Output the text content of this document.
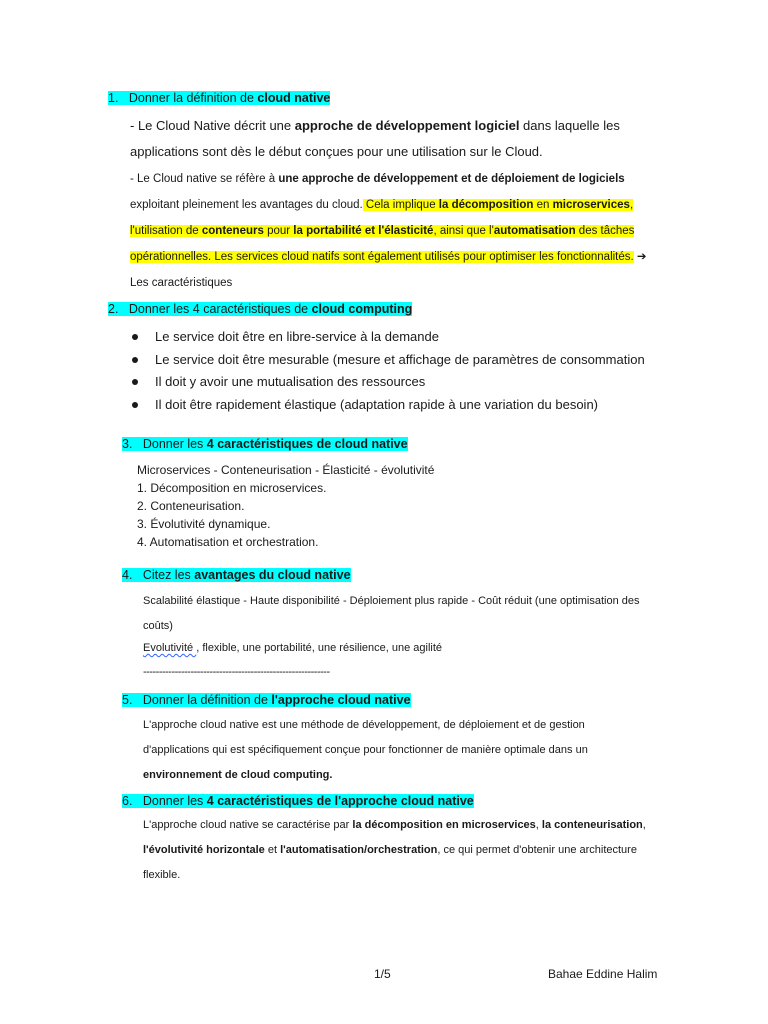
1. Donner la définition de cloud native
- Le Cloud Native décrit une approche de développement logiciel dans laquelle les applications sont dès le début conçues pour une utilisation sur le Cloud.
- Le Cloud native se réfère à une approche de développement et de déploiement de logiciels exploitant pleinement les avantages du cloud. Cela implique la décomposition en microservices, l'utilisation de conteneurs pour la portabilité et l'élasticité, ainsi que l'automatisation des tâches opérationnelles. Les services cloud natifs sont également utilisés pour optimiser les fonctionnalités. ➔ Les caractéristiques
2. Donner les 4 caractéristiques de cloud computing
Le service doit être en libre-service à la demande
Le service doit être mesurable (mesure et affichage de paramètres de consommation
Il doit y avoir une mutualisation des ressources
Il doit être rapidement élastique (adaptation rapide à une variation du besoin)
3. Donner les 4 caractéristiques de cloud native
Microservices - Conteneurisation - Élasticité - évolutivité
1. Décomposition en microservices.
2. Conteneurisation.
3. Évolutivité dynamique.
4. Automatisation et orchestration.
4. Citez les avantages du cloud native
Scalabilité élastique - Haute disponibilité - Déploiement plus rapide - Coût réduit (une optimisation des coûts)
Evolutivité , flexible, une portabilité, une résilience, une agilité
-----------------------------------------------------------
5. Donner la définition de l'approche cloud native
L'approche cloud native est une méthode de développement, de déploiement et de gestion d'applications qui est spécifiquement conçue pour fonctionner de manière optimale dans un environnement de cloud computing.
6. Donner les 4 caractéristiques de l'approche cloud native
L'approche cloud native se caractérise par la décomposition en microservices, la conteneurisation, l'évolutivité horizontale et l'automatisation/orchestration, ce qui permet d'obtenir une architecture flexible.
1/5	Bahae Eddine Halim
